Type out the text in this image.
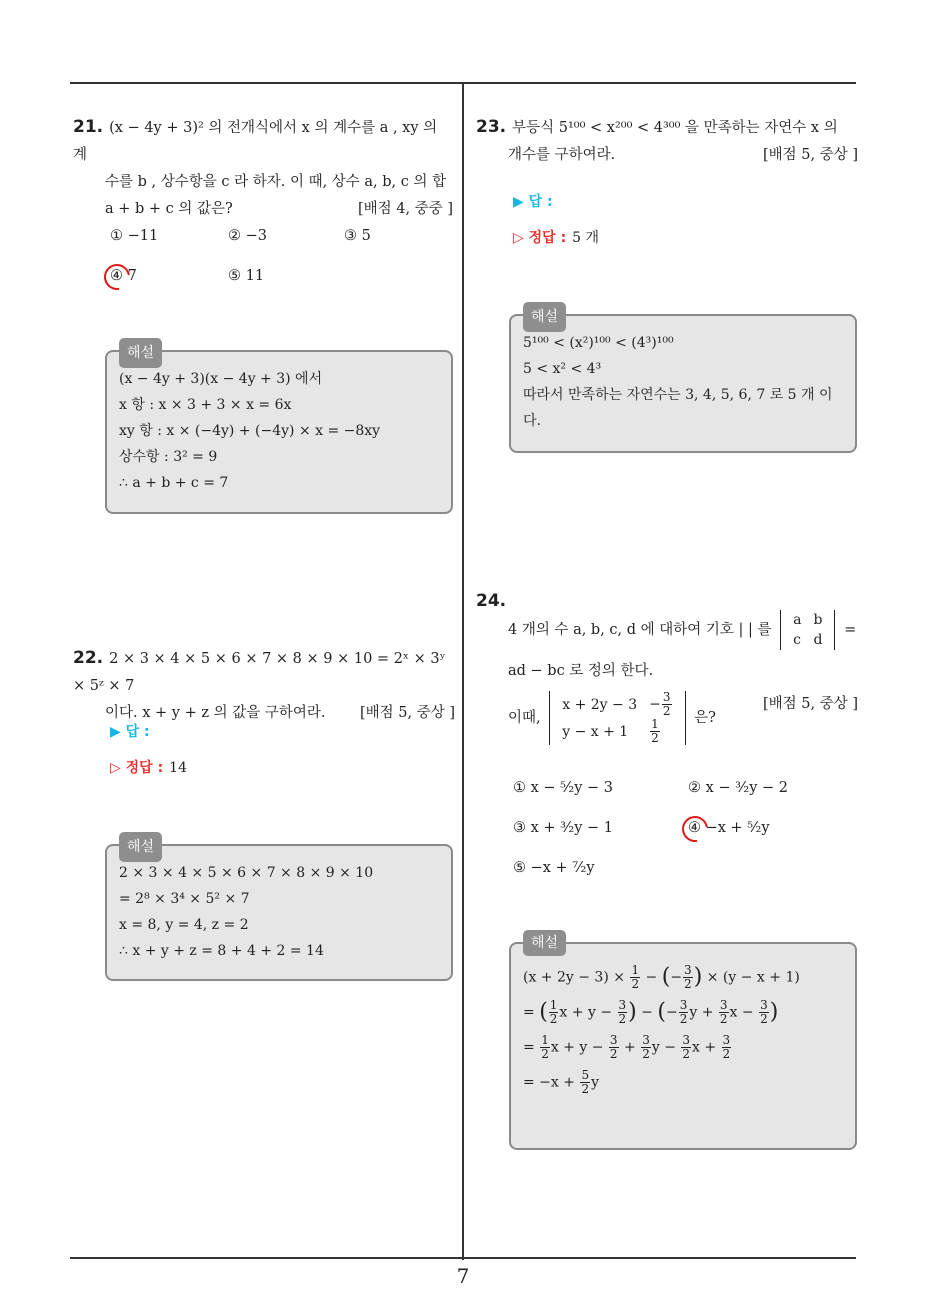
7
21. (x − 4y + 3)² 의 전개식에서 x 의 계수를 a , xy 의 계
수를 b , 상수항을 c 라 하자. 이 때, 상수 a, b, c 의 합
a + b + c 의 값은?	[배점 4, 중중 ]
① −11	② −3	③ 5
④ 7	⑤ 11
해설
(x − 4y + 3)(x − 4y + 3) 에서
x 항 : x × 3 + 3 × x = 6x
xy 항 : x × (−4y) + (−4y) × x = −8xy
상수항 : 3² = 9
∴ a + b + c = 7
22. 2 × 3 × 4 × 5 × 6 × 7 × 8 × 9 × 10 = 2ˣ × 3ʸ × 5ᶻ × 7
이다. x + y + z 의 값을 구하여라. [배점 5, 중상 ]
▶ 답 :
▷ 정답 : 14
해설
2 × 3 × 4 × 5 × 6 × 7 × 8 × 9 × 10
= 2⁸ × 3⁴ × 5² × 7
x = 8, y = 4, z = 2
∴ x + y + z = 8 + 4 + 2 = 14
23. 부등식 5¹⁰⁰ < x²⁰⁰ < 4³⁰⁰ 을 만족하는 자연수 x 의
개수를 구하여라.	[배점 5, 중상 ]
▶ 답 :
▷ 정답 : 5 개
해설
5¹⁰⁰ < (x²)¹⁰⁰ < (4³)¹⁰⁰
5 < x² < 4³
따라서 만족하는 자연수는 3, 4, 5, 6, 7 로 5 개 이
다.
24.
4 개의 수 a, b, c, d 에 대하여 기호 | | 를 a	b
c	d =
ad − bc 로 정의 한다.
이때, x + 2y − 3	− $\frac{3}{2}$

y − x + 1	$\frac{1}{2}$ 은?
[배점 5, 중상 ]
① x − ⁵⁄₂y − 3	② x − ³⁄₂y − 2
③ x + ³⁄₂y − 1	④ −x + ⁵⁄₂y
⑤ −x + ⁷⁄₂y
해설
$(x + 2y - 3) \times \frac{1}{2}$ − (− $\frac{3}{2}$ ) × (y − x + 1)
= ( $\frac{1}{2}$ $x + y - \frac{3}{2}$ ) − (− $\frac{3}{2}$ $y + \frac{3}{2}$ $x - \frac{3}{2}$ )
= $\frac{1}{2}$ $x + y - \frac{3}{2} + \frac{3}{2}$ $y - \frac{3}{2}$ $x + \frac{3}{2}$
= $-x + \frac{5}{2}$ y
